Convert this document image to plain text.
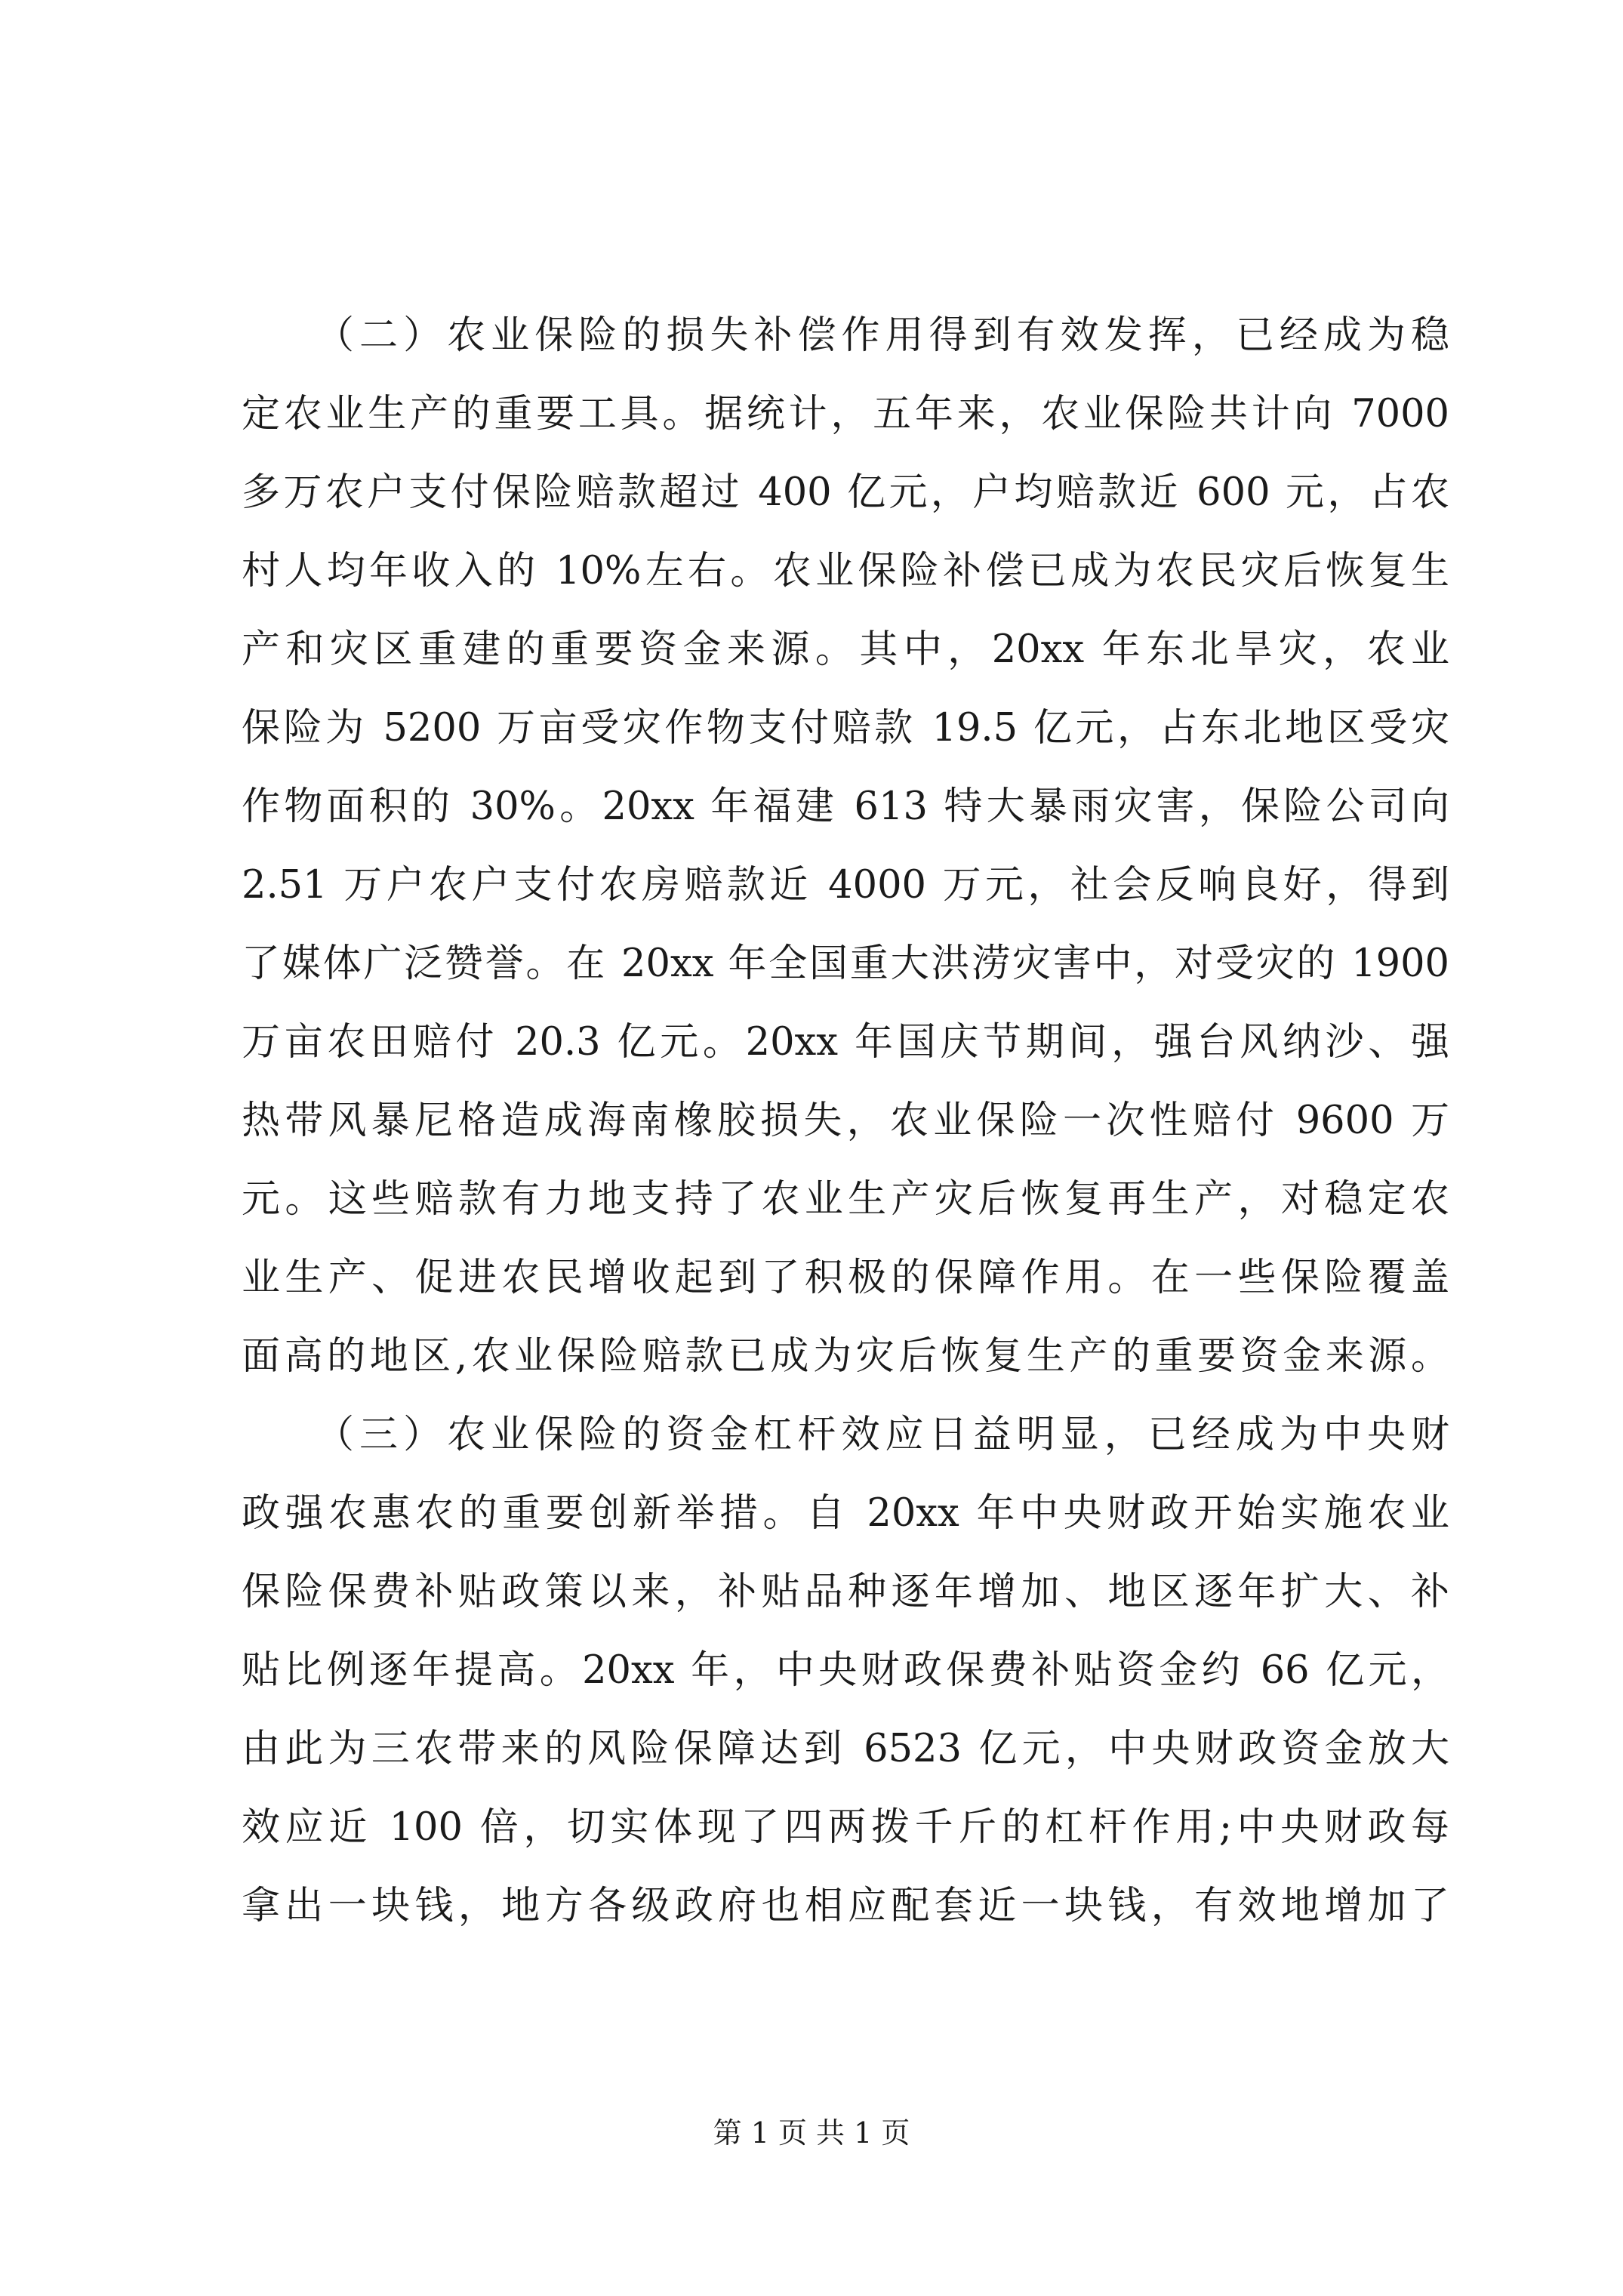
（二）农业保险的损失补偿作用得到有效发挥，已经成为稳
定农业生产的重要工具。据统计，五年来，农业保险共计向 7000
多万农户支付保险赔款超过 400 亿元，户均赔款近 600 元，占农
村人均年收入的 10%左右。农业保险补偿已成为农民灾后恢复生
产和灾区重建的重要资金来源。其中，20xx 年东北旱灾，农业
保险为 5200 万亩受灾作物支付赔款 19.5 亿元，占东北地区受灾
作物面积的 30%。20xx 年福建 613 特大暴雨灾害，保险公司向
2.51 万户农户支付农房赔款近 4000 万元，社会反响良好，得到
了媒体广泛赞誉。在 20xx 年全国重大洪涝灾害中，对受灾的 1900
万亩农田赔付 20.3 亿元。20xx 年国庆节期间，强台风纳沙、强
热带风暴尼格造成海南橡胶损失，农业保险一次性赔付 9600 万
元。这些赔款有力地支持了农业生产灾后恢复再生产，对稳定农
业生产、促进农民增收起到了积极的保障作用。在一些保险覆盖
面高的地区,农业保险赔款已成为灾后恢复生产的重要资金来源。
（三）农业保险的资金杠杆效应日益明显，已经成为中央财
政强农惠农的重要创新举措。自 20xx 年中央财政开始实施农业
保险保费补贴政策以来，补贴品种逐年增加、地区逐年扩大、补
贴比例逐年提高。20xx 年，中央财政保费补贴资金约 66 亿元，
由此为三农带来的风险保障达到 6523 亿元，中央财政资金放大
效应近 100 倍，切实体现了四两拨千斤的杠杆作用;中央财政每
拿出一块钱，地方各级政府也相应配套近一块钱，有效地增加了
第 1 页 共 1 页
